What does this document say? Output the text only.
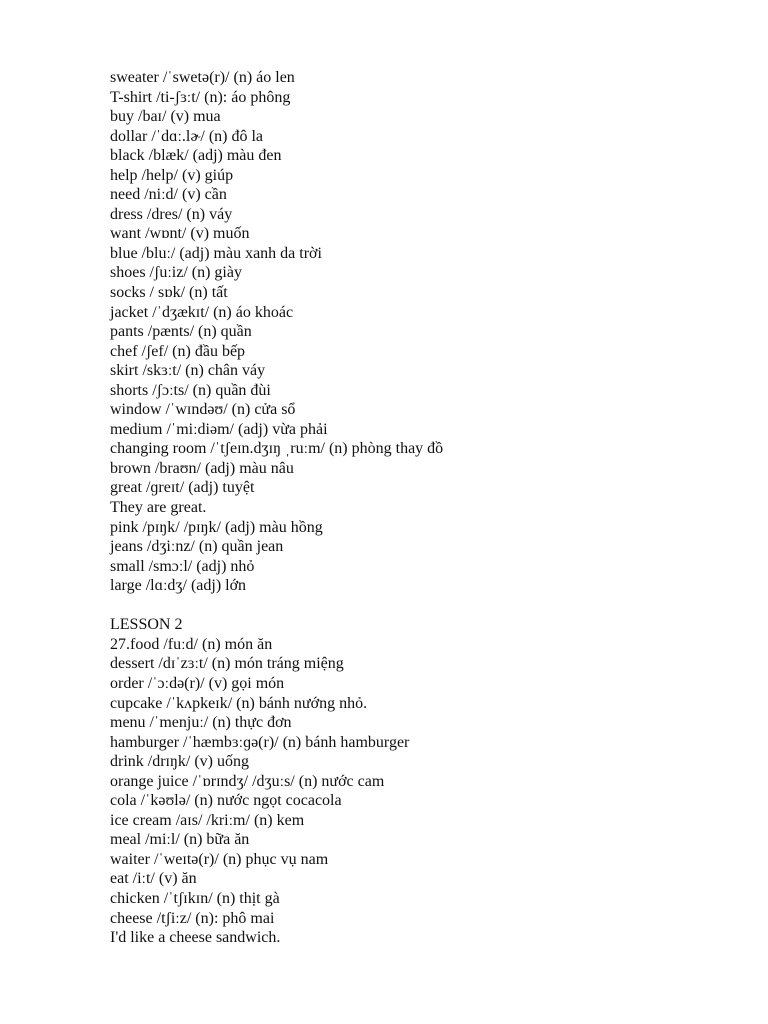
sweater /ˈswetə(r)/ (n) áo len
T-shirt /ti-ʃɜːt/ (n): áo phông
buy /baɪ/ (v) mua
dollar /ˈdɑː.lɚ/ (n) đô la
black /blæk/ (adj) màu đen
help /help/ (v) giúp
need /niːd/ (v) cần
dress /dres/ (n) váy
want /wɒnt/ (v) muốn
blue /bluː/ (adj) màu xanh da trời
shoes /ʃuːiz/ (n) giày
socks / sɒk/ (n) tất
jacket /ˈdʒækɪt/ (n) áo khoác
pants /pænts/ (n) quần
chef /ʃef/ (n) đầu bếp
skirt /skɜːt/ (n) chân váy
shorts /ʃɔːts/ (n) quần đùi
window /ˈwɪndəʊ/ (n) cửa sổ
medium /ˈmiːdiəm/ (adj) vừa phải
changing room /ˈtʃeɪn.dʒɪŋ ˌruːm/ (n) phòng thay đồ
brown /braʊn/ (adj) màu nâu
great /ɡreɪt/ (adj) tuyệt
They are great.
pink /pɪŋk/ /pɪŋk/ (adj) màu hồng
jeans /dʒiːnz/ (n) quần jean
small /smɔːl/ (adj) nhỏ
large /lɑːdʒ/ (adj) lớn
LESSON 2
27.food /fuːd/ (n) món ăn
dessert /dɪˈzɜːt/ (n) món tráng miệng
order /ˈɔːdə(r)/ (v) gọi món
cupcake /ˈkʌpkeɪk/ (n) bánh nướng nhỏ.
menu /ˈmenjuː/ (n) thực đơn
hamburger /ˈhæmbɜːɡə(r)/ (n) bánh hamburger
drink /drɪŋk/ (v) uống
orange juice /ˈɒrɪndʒ/ /dʒuːs/ (n) nước cam
cola /ˈkəʊlə/ (n) nước ngọt cocacola
ice cream /aɪs/ /kriːm/ (n) kem
meal /miːl/ (n) bữa ăn
waiter /ˈweɪtə(r)/ (n) phục vụ nam
eat /iːt/ (v) ăn
chicken /ˈtʃɪkɪn/ (n) thịt gà
cheese /tʃiːz/ (n): phô mai
I'd like a cheese sandwich.
